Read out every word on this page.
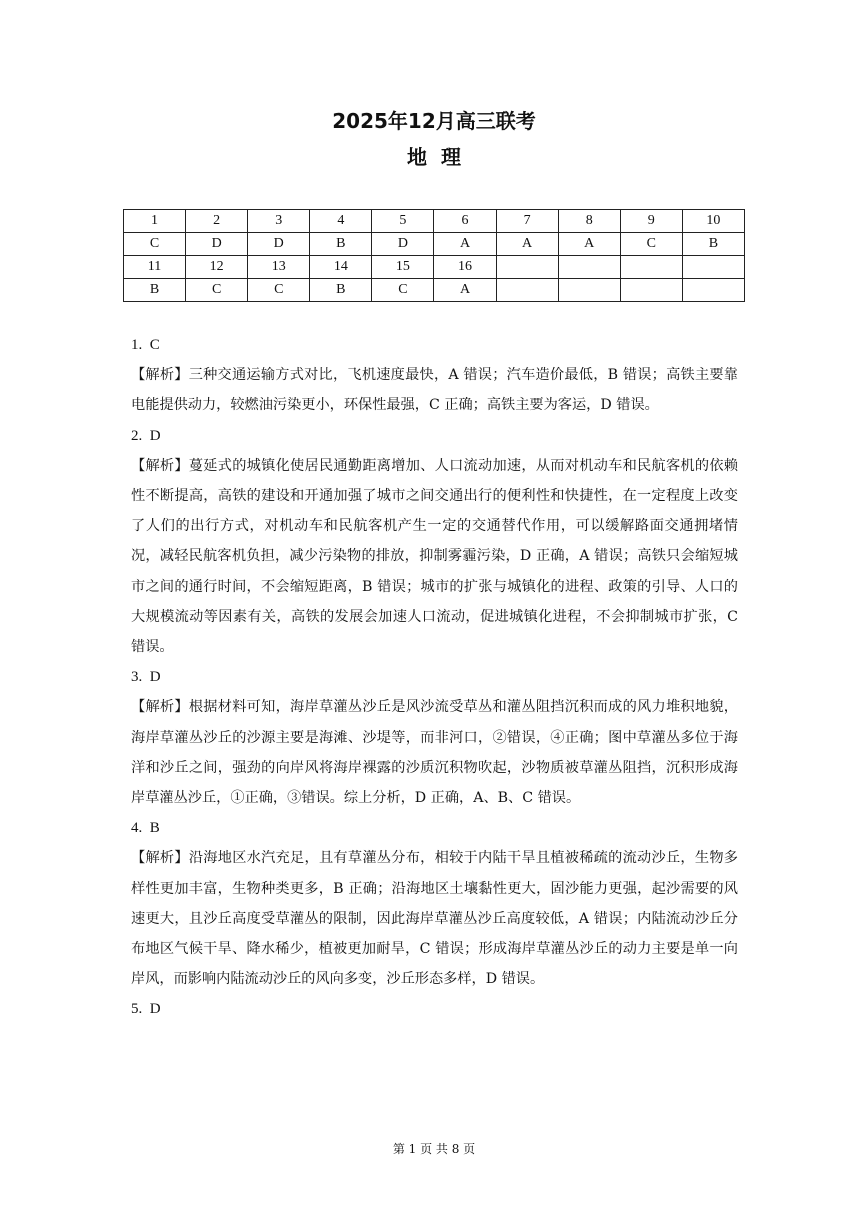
2025年12月高三联考
地  理
1	2	3	4	5	6	7	8	9	10
C	D	D	B	D	A	A	A	C	B
11	12	13	14	15	16				
B	C	C	B	C	A				

1.  C

【解析】三种交通运输方式对比，飞机速度最快，A 错误；汽车造价最低，B 错误；高铁主要靠电能提供动力，较燃油污染更小，环保性最强，C 正确；高铁主要为客运，D 错误。

2.  D

【解析】蔓延式的城镇化使居民通勤距离增加、人口流动加速，从而对机动车和民航客机的依赖性不断提高，高铁的建设和开通加强了城市之间交通出行的便利性和快捷性，在一定程度上改变了人们的出行方式，对机动车和民航客机产生一定的交通替代作用，可以缓解路面交通拥堵情况，减轻民航客机负担，减少污染物的排放，抑制雾霾污染，D 正确，A 错误；高铁只会缩短城市之间的通行时间，不会缩短距离，B 错误；城市的扩张与城镇化的进程、政策的引导、人口的大规模流动等因素有关，高铁的发展会加速人口流动，促进城镇化进程，不会抑制城市扩张，C 错误。

3.  D

【解析】根据材料可知，海岸草灌丛沙丘是风沙流受草丛和灌丛阻挡沉积而成的风力堆积地貌，海岸草灌丛沙丘的沙源主要是海滩、沙堤等，而非河口，②错误，④正确；图中草灌丛多位于海洋和沙丘之间，强劲的向岸风将海岸裸露的沙质沉积物吹起，沙物质被草灌丛阻挡，沉积形成海岸草灌丛沙丘，①正确，③错误。综上分析，D 正确，A、B、C 错误。

4.  B

【解析】沿海地区水汽充足，且有草灌丛分布，相较于内陆干旱且植被稀疏的流动沙丘，生物多样性更加丰富，生物种类更多，B 正确；沿海地区土壤黏性更大，固沙能力更强，起沙需要的风速更大，且沙丘高度受草灌丛的限制，因此海岸草灌丛沙丘高度较低，A 错误；内陆流动沙丘分布地区气候干旱、降水稀少，植被更加耐旱，C 错误；形成海岸草灌丛沙丘的动力主要是单一向岸风，而影响内陆流动沙丘的风向多变，沙丘形态多样，D 错误。

5.  D

第 1 页 共 8 页
